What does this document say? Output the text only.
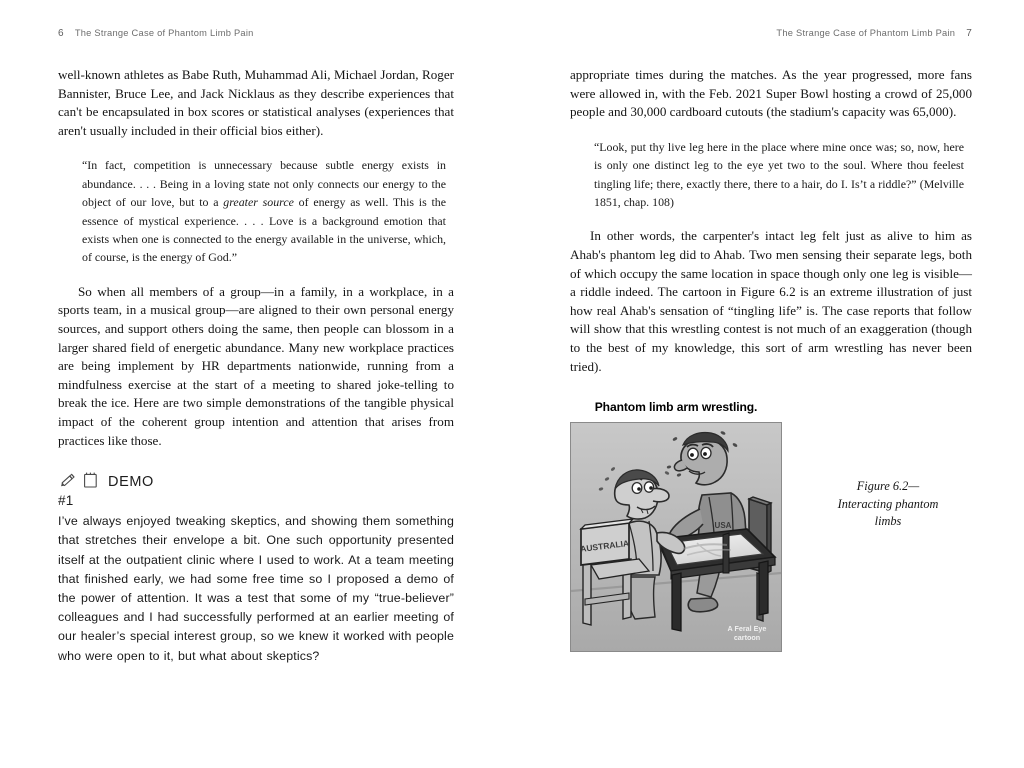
6 The Strange Case of Phantom Limb Pain

well-known athletes as Babe Ruth, Muhammad Ali, Michael Jordan, Roger Bannister, Bruce Lee, and Jack Nicklaus as they describe experiences that can't be encapsulated in box scores or statistical analyses (experiences that aren't usually included in their official bios either).

“In fact, competition is unnecessary because subtle energy exists in abundance. . . . Being in a loving state not only connects our energy to the object of our love, but to a greater source of energy as well. This is the essence of mystical experience. . . . Love is a background emotion that exists when one is connected to the energy available in the universe, which, of course, is the energy of God.”

So when all members of a group—in a family, in a workplace, in a sports team, in a musical group—are aligned to their own personal energy sources, and support others doing the same, then people can blossom in a larger shared field of energetic abundance. Many new workplace practices are being implement by HR departments nationwide, running from a mindfulness exercise at the start of a meeting to shared joke-telling to break the ice. Here are two simple demonstrations of the tangible physical impact of the coherent group intention and attention that arises from practices like those.

DEMO

#1

I’ve always enjoyed tweaking skeptics, and showing them something that stretches their envelope a bit. One such opportunity presented itself at the outpatient clinic where I used to work. At a team meeting that finished early, we had some free time so I proposed a demo of the power of attention. It was a test that some of my “true-believer” colleagues and I had successfully performed at an earlier meeting of our healer’s special interest group, so we knew it worked with people who were open to it, but what about skeptics?

The Strange Case of Phantom Limb Pain 7

appropriate times during the matches. As the year progressed, more fans were allowed in, with the Feb. 2021 Super Bowl hosting a crowd of 25,000 people and 30,000 cardboard cutouts (the stadium's capacity was 65,000).

“Look, put thy live leg here in the place where mine once was; so, now, here is only one distinct leg to the eye yet two to the soul. Where thou feelest tingling life; there, exactly there, there to a hair, do I. Is’t a riddle?” (Melville 1851, chap. 108)

In other words, the carpenter's intact leg felt just as alive to him as Ahab's phantom leg did to Ahab. Two men sensing their separate legs, both of which occupy the same location in space though only one leg is visible—a riddle indeed. The cartoon in Figure 6.2 is an extreme illustration of just how real Ahab's sensation of “tingling life” is. The case reports that follow will show that this wrestling contest is not much of an exaggeration (though to the best of my knowledge, this sort of arm wrestling has never been tried).

Phantom limb arm wrestling.
USA
AUSTRALIA
A Feral Eye
cartoon
Figure 6.2—
Interacting phantom
limbs
